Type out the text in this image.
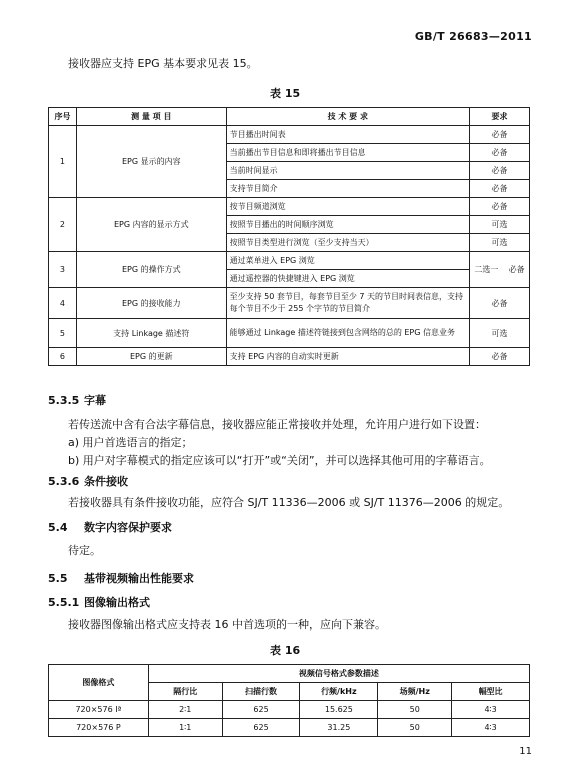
GB/T 26683—2011
接收器应支持 EPG 基本要求见表 15。
表 15
序号	测 量 项 目	技 术 要 求	要求
1	EPG 显示的内容	节目播出时间表	必备
		当前播出节目信息和即将播出节目信息	必备
		当前时间显示	必备
		支持节目简介	必备
2	EPG 内容的显示方式	按节目频道浏览	必备
		按照节目播出的时间顺序浏览	可选
		按照节目类型进行浏览（至少支持当天）	可选
3	EPG 的操作方式	通过菜单进入 EPG 浏览	二选一    必备
		通过遥控器的快捷键进入 EPG 浏览	
4	EPG 的接收能力	至少支持 50 套节目，每套节目至少 7 天的节目时间表信息，支持每个节目不少于 255 个字节的节目简介	必备
5	支持 Linkage 描述符	能够通过 Linkage 描述符链接到包含网络的总的 EPG 信息业务	可选
6	EPG 的更新	支持 EPG 内容的自动实时更新	必备
5.3.5 字幕
若传送流中含有合法字幕信息，接收器应能正常接收并处理，允许用户进行如下设置：
a) 用户首选语言的指定；
b) 用户对字幕模式的指定应该可以“打开”或“关闭”，并可以选择其他可用的字幕语言。
5.3.6 条件接收
若接收器具有条件接收功能，应符合 SJ/T 11336—2006 或 SJ/T 11376—2006 的规定。
5.4 数字内容保护要求
待定。
5.5 基带视频输出性能要求
5.5.1 图像输出格式
接收器图像输出格式应支持表 16 中首选项的一种，应向下兼容。
表 16
图像格式	视频信号格式参数描述				
	隔行比	扫描行数	行频/kHz	场频/Hz	幅型比
720×576 Iª	2∶1	625	15.625	50	4∶3
720×576 P	1∶1	625	31.25	50	4∶3
11
